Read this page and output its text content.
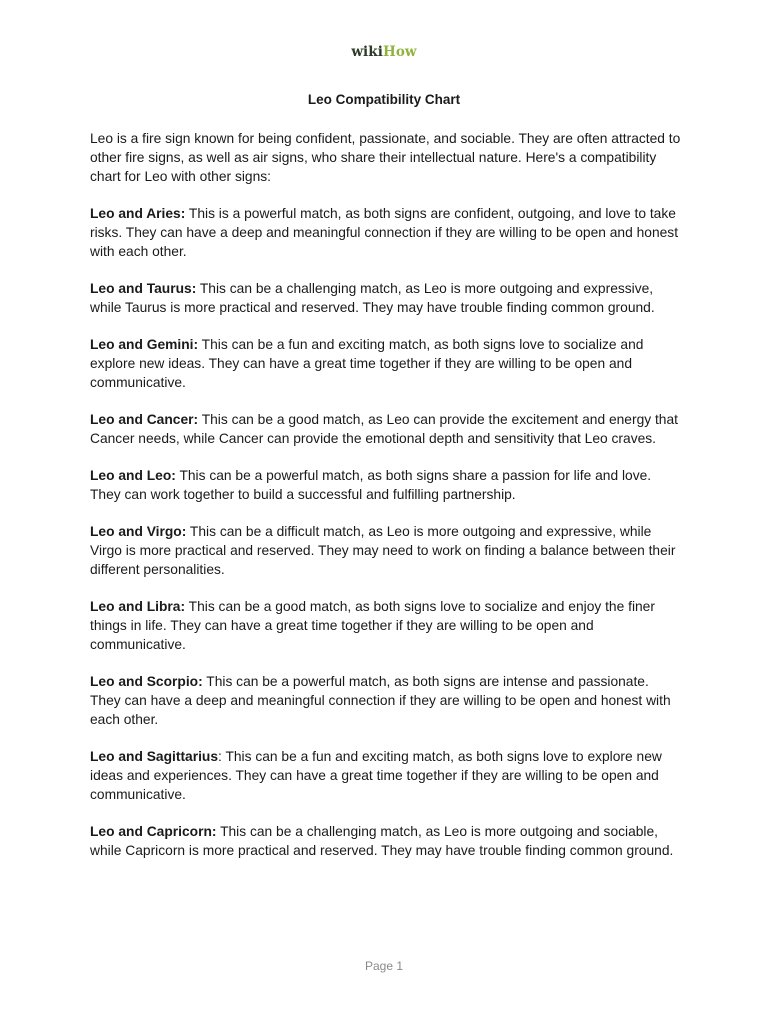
wikiHow
Leo Compatibility Chart

Leo is a fire sign known for being confident, passionate, and sociable. They are often attracted to other fire signs, as well as air signs, who share their intellectual nature. Here's a compatibility chart for Leo with other signs:

Leo and Aries: This is a powerful match, as both signs are confident, outgoing, and love to take risks. They can have a deep and meaningful connection if they are willing to be open and honest with each other.

Leo and Taurus: This can be a challenging match, as Leo is more outgoing and expressive, while Taurus is more practical and reserved. They may have trouble finding common ground.

Leo and Gemini: This can be a fun and exciting match, as both signs love to socialize and explore new ideas. They can have a great time together if they are willing to be open and communicative.

Leo and Cancer: This can be a good match, as Leo can provide the excitement and energy that Cancer needs, while Cancer can provide the emotional depth and sensitivity that Leo craves.

Leo and Leo: This can be a powerful match, as both signs share a passion for life and love. They can work together to build a successful and fulfilling partnership.

Leo and Virgo: This can be a difficult match, as Leo is more outgoing and expressive, while Virgo is more practical and reserved. They may need to work on finding a balance between their different personalities.

Leo and Libra: This can be a good match, as both signs love to socialize and enjoy the finer things in life. They can have a great time together if they are willing to be open and communicative.

Leo and Scorpio: This can be a powerful match, as both signs are intense and passionate. They can have a deep and meaningful connection if they are willing to be open and honest with each other.

Leo and Sagittarius: This can be a fun and exciting match, as both signs love to explore new ideas and experiences. They can have a great time together if they are willing to be open and communicative.

Leo and Capricorn: This can be a challenging match, as Leo is more outgoing and sociable, while Capricorn is more practical and reserved. They may have trouble finding common ground.

Page 1
